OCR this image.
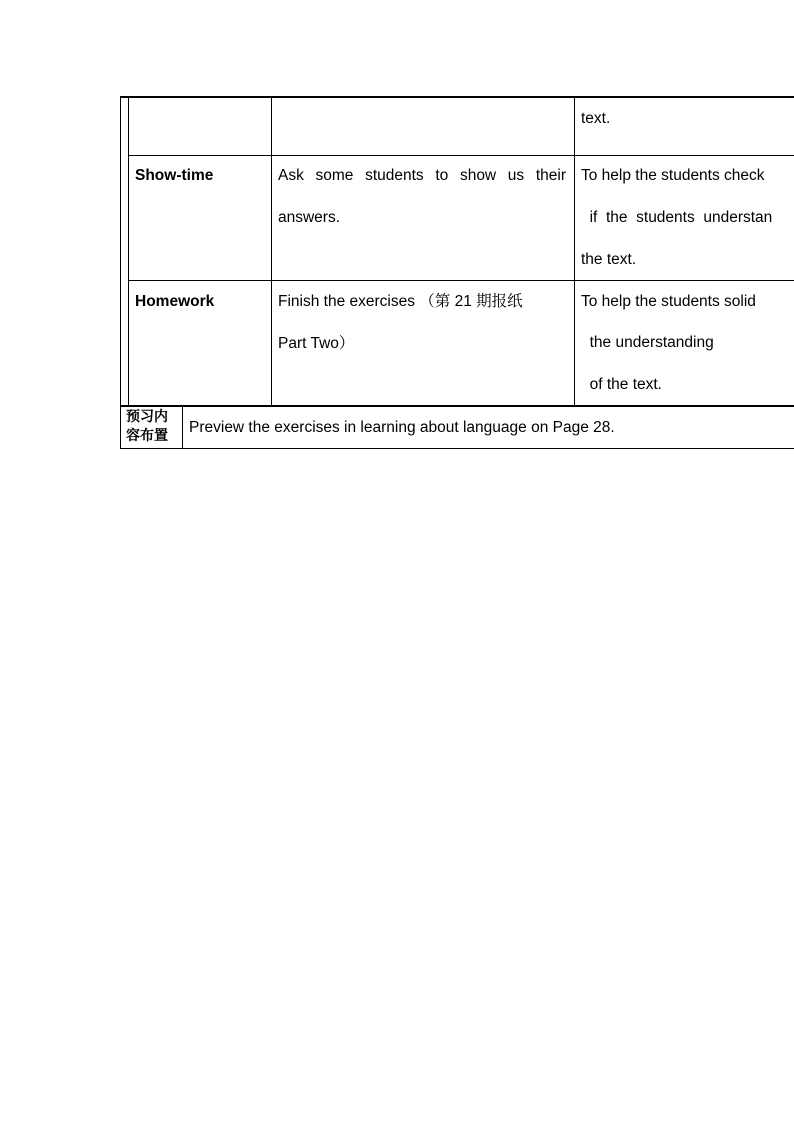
text.
Show-time	Ask some students to show us their
answers.
To help the students check
if  the  students  understan
the text.
Homework	Finish the exercises （第 21 期报纸
Part Two）
To help the students solid
the understanding
of the text.
预习内
容布置 Preview the exercises in learning about language on Page 28.
